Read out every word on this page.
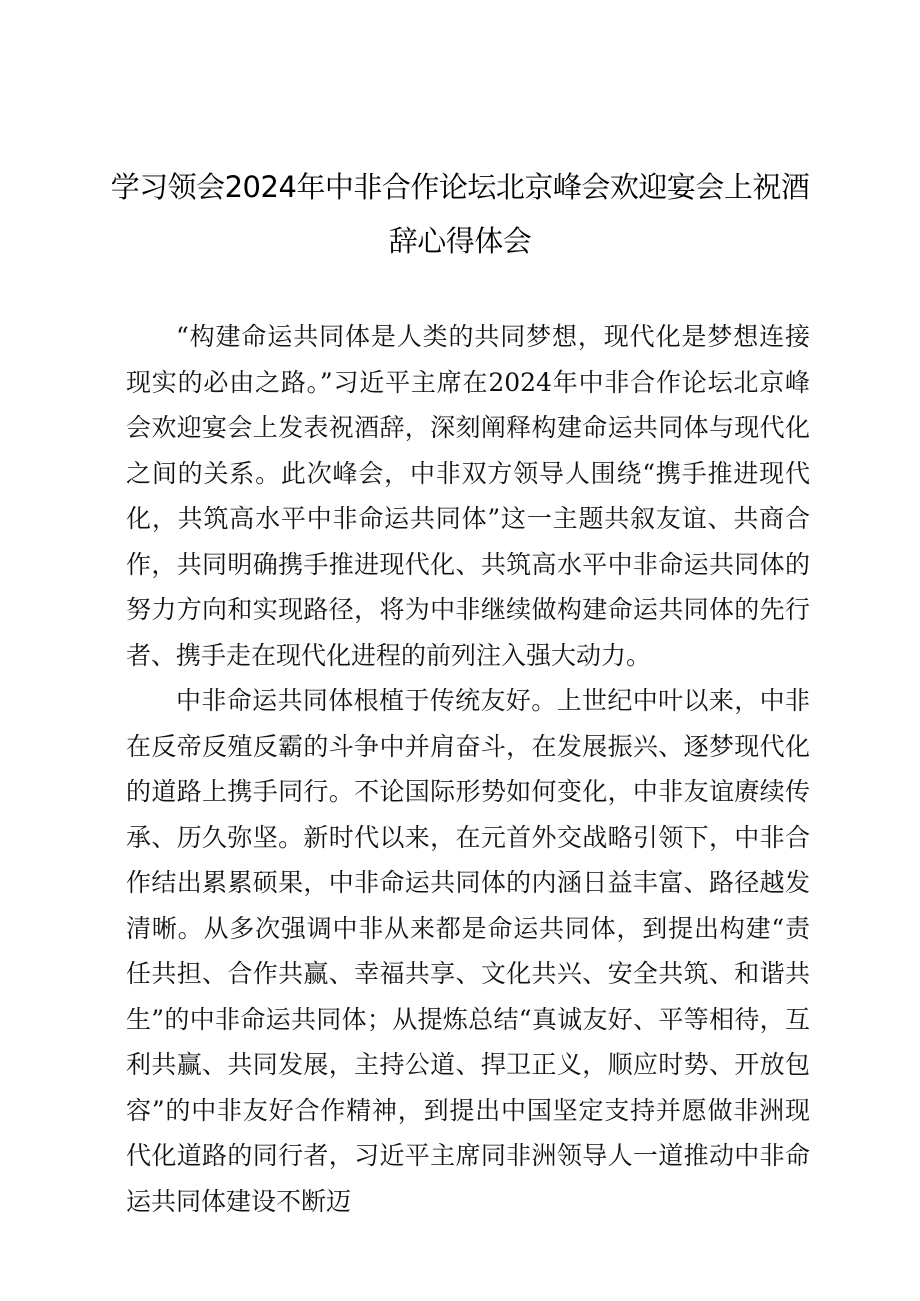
学习领会2024年中非合作论坛北京峰会欢迎宴会上祝酒
辞心得体会

“构建命运共同体是人类的共同梦想，现代化是梦想连接现实的必由之路。”习近平主席在2024年中非合作论坛北京峰会欢迎宴会上发表祝酒辞，深刻阐释构建命运共同体与现代化之间的关系。此次峰会，中非双方领导人围绕“携手推进现代化，共筑高水平中非命运共同体”这一主题共叙友谊、共商合作，共同明确携手推进现代化、共筑高水平中非命运共同体的努力方向和实现路径，将为中非继续做构建命运共同体的先行者、携手走在现代化进程的前列注入强大动力。

中非命运共同体根植于传统友好。上世纪中叶以来，中非在反帝反殖反霸的斗争中并肩奋斗，在发展振兴、逐梦现代化的道路上携手同行。不论国际形势如何变化，中非友谊赓续传承、历久弥坚。新时代以来，在元首外交战略引领下，中非合作结出累累硕果，中非命运共同体的内涵日益丰富、路径越发清晰。从多次强调中非从来都是命运共同体，到提出构建“责任共担、合作共赢、幸福共享、文化共兴、安全共筑、和谐共生”的中非命运共同体；从提炼总结“真诚友好、平等相待，互利共赢、共同发展，主持公道、捍卫正义，顺应时势、开放包容”的中非友好合作精神，到提出中国坚定支持并愿做非洲现代化道路的同行者，习近平主席同非洲领导人一道推动中非命运共同体建设不断迈
